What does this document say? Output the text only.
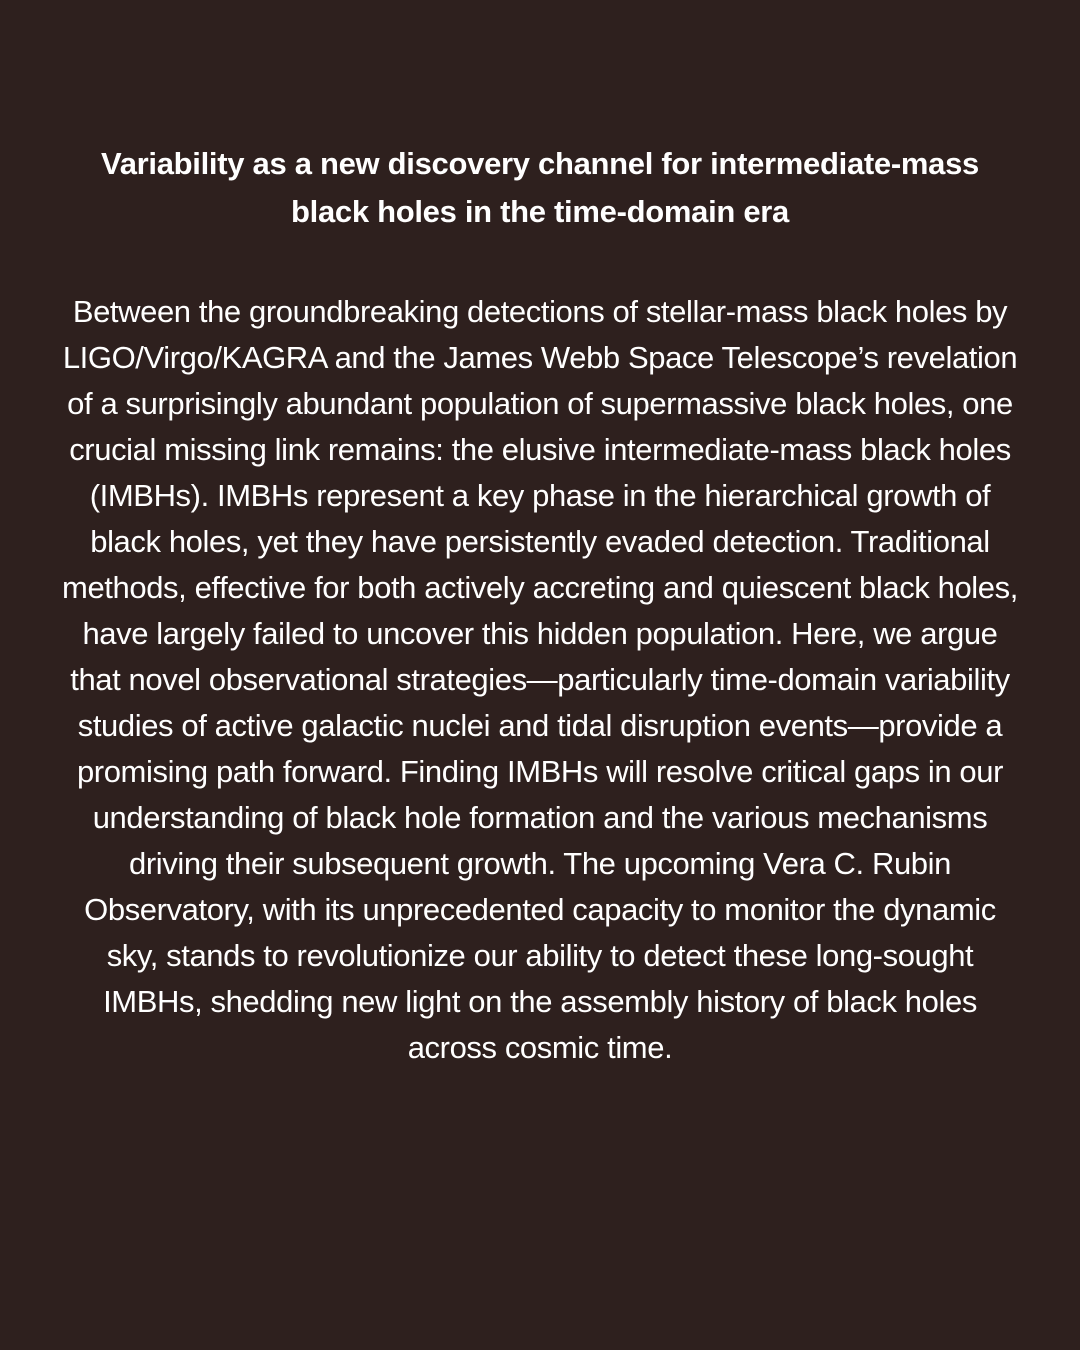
Variability as a new discovery channel for intermediate-mass black holes in the time-domain era

Between the groundbreaking detections of stellar-mass black holes by LIGO/Virgo/KAGRA and the James Webb Space Telescope’s revelation of a surprisingly abundant population of supermassive black holes, one crucial missing link remains: the elusive intermediate-mass black holes (IMBHs). IMBHs represent a key phase in the hierarchical growth of black holes, yet they have persistently evaded detection. Traditional methods, effective for both actively accreting and quiescent black holes, have largely failed to uncover this hidden population. Here, we argue that novel observational strategies—particularly time-domain variability studies of active galactic nuclei and tidal disruption events—provide a promising path forward. Finding IMBHs will resolve critical gaps in our understanding of black hole formation and the various mechanisms driving their subsequent growth. The upcoming Vera C. Rubin Observatory, with its unprecedented capacity to monitor the dynamic sky, stands to revolutionize our ability to detect these long-sought IMBHs, shedding new light on the assembly history of black holes across cosmic time.
